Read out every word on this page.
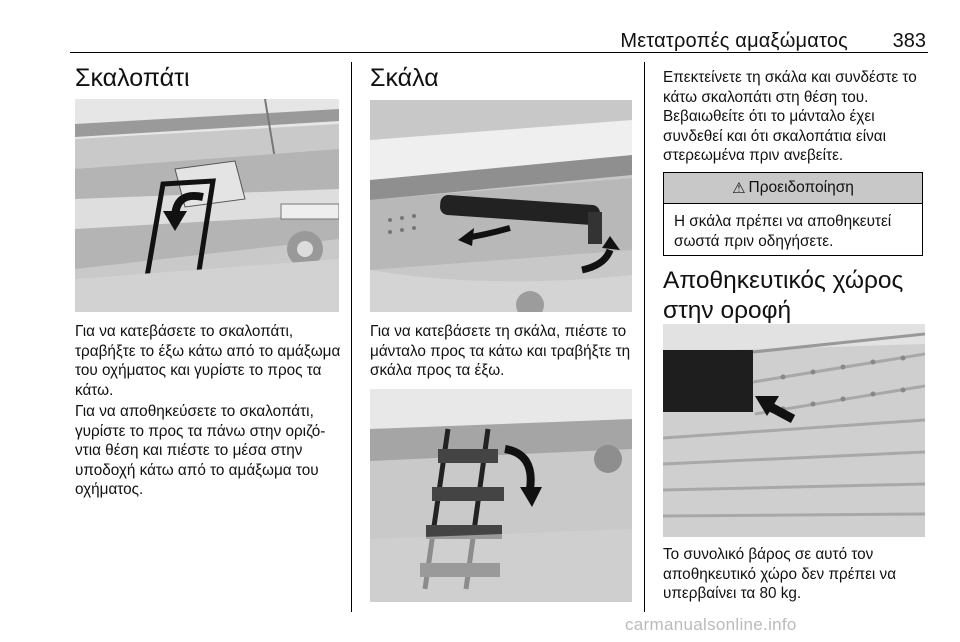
Μετατροπές αμαξώματος 383
Σκαλοπάτι

Για να κατεβάσετε το σκαλοπάτι, τραβήξτε το έξω κάτω από το αμάξωμα του οχήματος και γυρίστε το προς τα κάτω.

Για να αποθηκεύσετε το σκαλοπάτι, γυρίστε το προς τα πάνω στην οριζό- ντια θέση και πιέστε το μέσα στην υποδοχή κάτω από το αμάξωμα του οχήματος.

Σκάλα

Για να κατεβάσετε τη σκάλα, πιέστε το μάνταλο προς τα κάτω και τραβήξτε τη σκάλα προς τα έξω.

Επεκτείνετε τη σκάλα και συνδέστε το κάτω σκαλοπάτι στη θέση του. Βεβαιωθείτε ότι το μάνταλο έχει συνδεθεί και ότι σκαλοπάτια είναι στερεωμένα πριν ανεβείτε.

⚠ Προειδοποίηση
Η σκάλα πρέπει να αποθηκευτεί σωστά πριν οδηγήσετε.
Αποθηκευτικός χώρος στην οροφή

Το συνολικό βάρος σε αυτό τον αποθηκευτικό χώρο δεν πρέπει να υπερβαίνει τα 80 kg.

carmanualsonline.info
